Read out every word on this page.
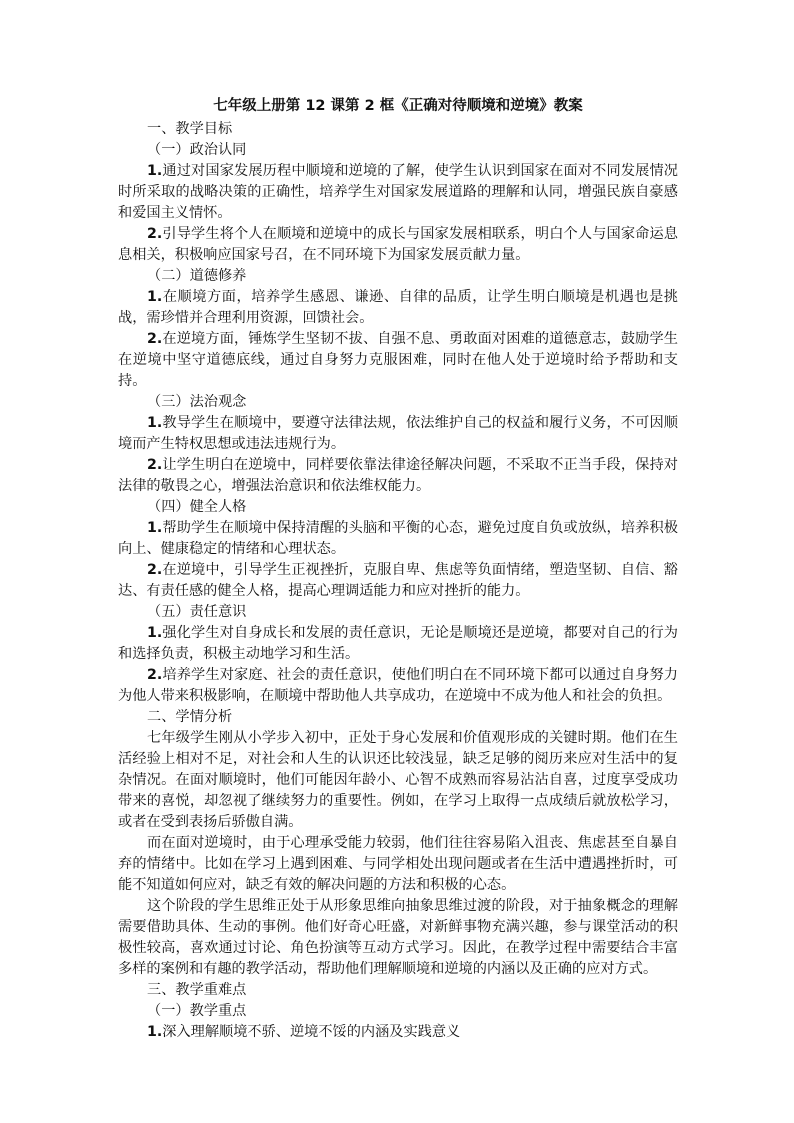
七年级上册第 12 课第 2 框《正确对待顺境和逆境》教案

一、教学目标

（一）政治认同

1.通过对国家发展历程中顺境和逆境的了解，使学生认识到国家在面对不同发展情况时所采取的战略决策的正确性，培养学生对国家发展道路的理解和认同，增强民族自豪感和爱国主义情怀。

2.引导学生将个人在顺境和逆境中的成长与国家发展相联系，明白个人与国家命运息息相关，积极响应国家号召，在不同环境下为国家发展贡献力量。

（二）道德修养

1.在顺境方面，培养学生感恩、谦逊、自律的品质，让学生明白顺境是机遇也是挑战，需珍惜并合理利用资源，回馈社会。

2.在逆境方面，锤炼学生坚韧不拔、自强不息、勇敢面对困难的道德意志，鼓励学生在逆境中坚守道德底线，通过自身努力克服困难，同时在他人处于逆境时给予帮助和支持。

（三）法治观念

1.教导学生在顺境中，要遵守法律法规，依法维护自己的权益和履行义务，不可因顺境而产生特权思想或违法违规行为。

2.让学生明白在逆境中，同样要依靠法律途径解决问题，不采取不正当手段，保持对法律的敬畏之心，增强法治意识和依法维权能力。

（四）健全人格

1.帮助学生在顺境中保持清醒的头脑和平衡的心态，避免过度自负或放纵，培养积极向上、健康稳定的情绪和心理状态。

2.在逆境中，引导学生正视挫折，克服自卑、焦虑等负面情绪，塑造坚韧、自信、豁达、有责任感的健全人格，提高心理调适能力和应对挫折的能力。

（五）责任意识

1.强化学生对自身成长和发展的责任意识，无论是顺境还是逆境，都要对自己的行为和选择负责，积极主动地学习和生活。

2.培养学生对家庭、社会的责任意识，使他们明白在不同环境下都可以通过自身努力为他人带来积极影响，在顺境中帮助他人共享成功，在逆境中不成为他人和社会的负担。

二、学情分析

七年级学生刚从小学步入初中，正处于身心发展和价值观形成的关键时期。他们在生活经验上相对不足，对社会和人生的认识还比较浅显，缺乏足够的阅历来应对生活中的复杂情况。在面对顺境时，他们可能因年龄小、心智不成熟而容易沾沾自喜，过度享受成功带来的喜悦，却忽视了继续努力的重要性。例如，在学习上取得一点成绩后就放松学习，或者在受到表扬后骄傲自满。

而在面对逆境时，由于心理承受能力较弱，他们往往容易陷入沮丧、焦虑甚至自暴自弃的情绪中。比如在学习上遇到困难、与同学相处出现问题或者在生活中遭遇挫折时，可能不知道如何应对，缺乏有效的解决问题的方法和积极的心态。

这个阶段的学生思维正处于从形象思维向抽象思维过渡的阶段，对于抽象概念的理解需要借助具体、生动的事例。他们好奇心旺盛，对新鲜事物充满兴趣，参与课堂活动的积极性较高，喜欢通过讨论、角色扮演等互动方式学习。因此，在教学过程中需要结合丰富多样的案例和有趣的教学活动，帮助他们理解顺境和逆境的内涵以及正确的应对方式。

三、教学重难点

（一）教学重点

1.深入理解顺境不骄、逆境不馁的内涵及实践意义
